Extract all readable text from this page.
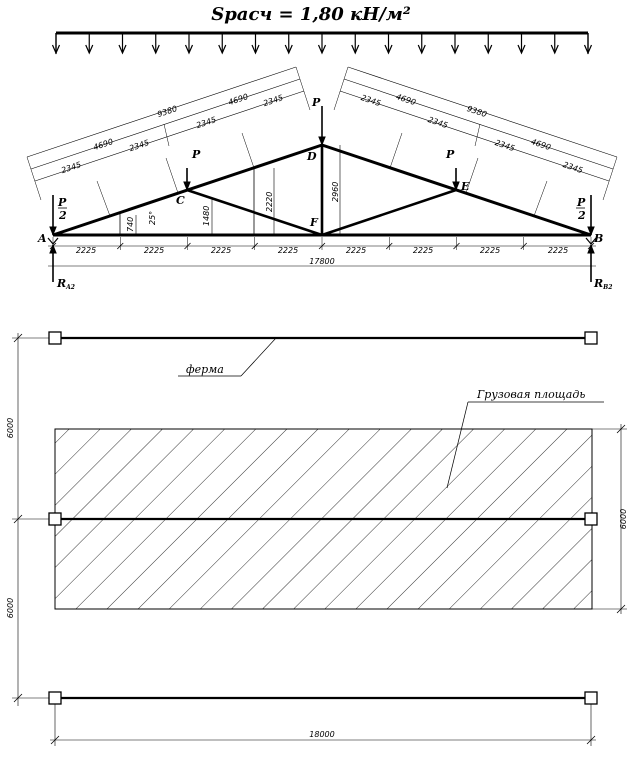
Sрасч = 1,80 кН/м²
A	B
C
D
E
F
P
P
P
P
2
P
2
RA2	RB2
25°
740	1480
2220	2960
2225	2225	2225	2225	2225	2225	2225	2225
17800
2345
2345
2345
2345
4690
4690
9380
2345
2345
2345
2345
4690
4690
9380
ферма
Грузовая площадь
6000
6000
6000
18000
